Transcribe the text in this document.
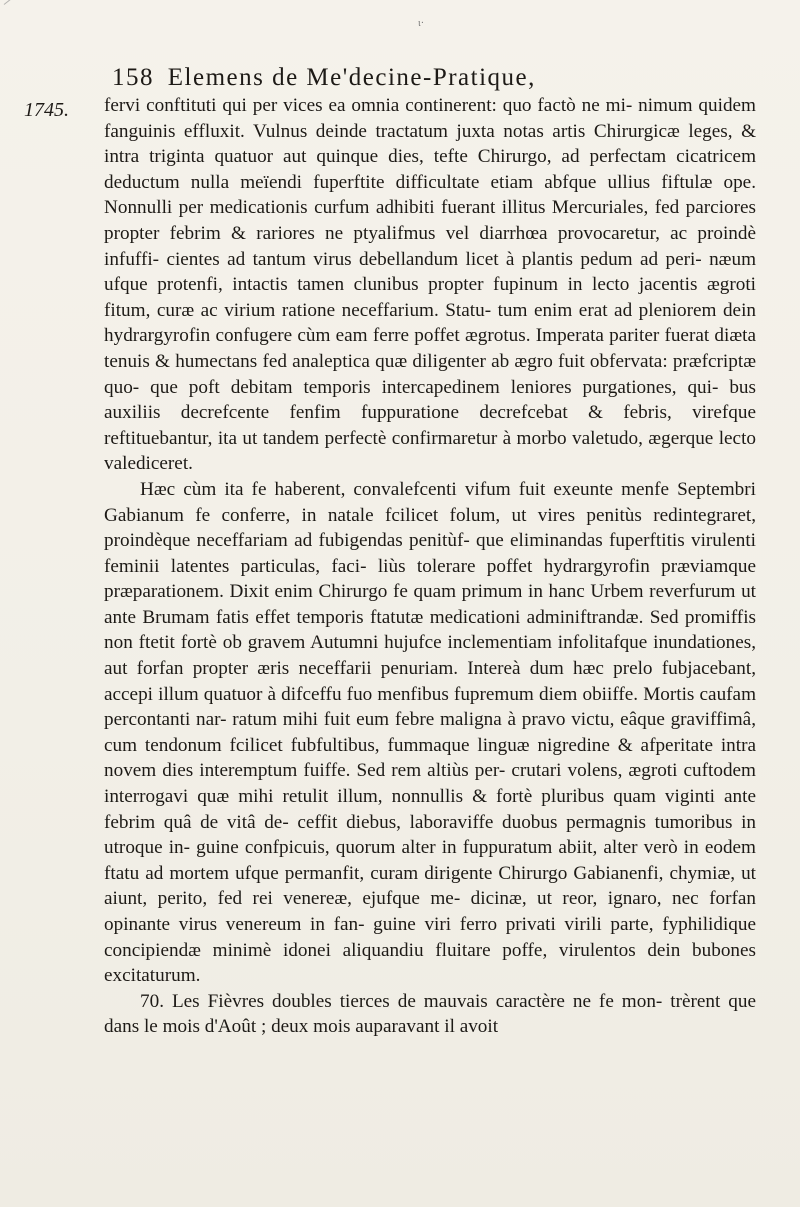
ι·
158 Elemens de Me'decine-Pratique,
1745. fervi conftituti qui per vices ea omnia continerent: quo factò ne mi- nimum quidem fanguinis effluxit. Vulnus deinde tractatum juxta notas artis Chirurgicæ leges, & intra triginta quatuor aut quinque dies, tefte Chirurgo, ad perfectam cicatricem deductum nulla meïendi fuperftite difficultate etiam abfque ullius fiftulæ ope. Nonnulli per medicationis curfum adhibiti fuerant illitus Mercuriales, fed parciores propter febrim & rariores ne ptyalifmus vel diarrhœa provocaretur, ac proindè infuffi- cientes ad tantum virus debellandum licet à plantis pedum ad peri- næum ufque protenfi, intactis tamen clunibus propter fupinum in lecto jacentis ægroti fitum, curæ ac virium ratione neceffarium. Statu- tum enim erat ad pleniorem dein hydrargyrofin confugere cùm eam ferre poffet ægrotus. Imperata pariter fuerat diæta tenuis & humectans fed analeptica quæ diligenter ab ægro fuit obfervata: præfcriptæ quo- que poft debitam temporis intercapedinem leniores purgationes, qui- bus auxiliis decrefcente fenfim fuppuratione decrefcebat & febris, virefque reftituebantur, ita ut tandem perfectè confirmaretur à morbo valetudo, ægerque lecto valediceret.

Hæc cùm ita fe haberent, convalefcenti vifum fuit exeunte menfe Septembri Gabianum fe conferre, in natale fcilicet folum, ut vires penitùs redintegraret, proindèque neceffariam ad fubigendas penitùf- que eliminandas fuperftitis virulenti feminii latentes particulas, faci- liùs tolerare poffet hydrargyrofin præviamque præparationem. Dixit enim Chirurgo fe quam primum in hanc Urbem reverfurum ut ante Brumam fatis effet temporis ftatutæ medicationi adminiftrandæ. Sed promiffis non ftetit fortè ob gravem Autumni hujufce inclementiam infolitafque inundationes, aut forfan propter æris neceffarii penuriam. Intereà dum hæc prelo fubjacebant, accepi illum quatuor à difceffu fuo menfibus fupremum diem obiiffe. Mortis caufam percontanti nar- ratum mihi fuit eum febre maligna à pravo victu, eâque graviffimâ, cum tendonum fcilicet fubfultibus, fummaque linguæ nigredine & afperitate intra novem dies interemptum fuiffe. Sed rem altiùs per- crutari volens, ægroti cuftodem interrogavi quæ mihi retulit illum, nonnullis & fortè pluribus quam viginti ante febrim quâ de vitâ de- ceffit diebus, laboraviffe duobus permagnis tumoribus in utroque in- guine confpicuis, quorum alter in fuppuratum abiit, alter verò in eodem ftatu ad mortem ufque permanfit, curam dirigente Chirurgo Gabianenfi, chymiæ, ut aiunt, perito, fed rei venereæ, ejufque me- dicinæ, ut reor, ignaro, nec forfan opinante virus venereum in fan- guine viri ferro privati virili parte, fyphilidique concipiendæ minimè idonei aliquandiu fluitare poffe, virulentos dein bubones excitaturum.

70. Les Fièvres doubles tierces de mauvais caractère ne fe mon- trèrent que dans le mois d'Août ; deux mois auparavant il avoit
